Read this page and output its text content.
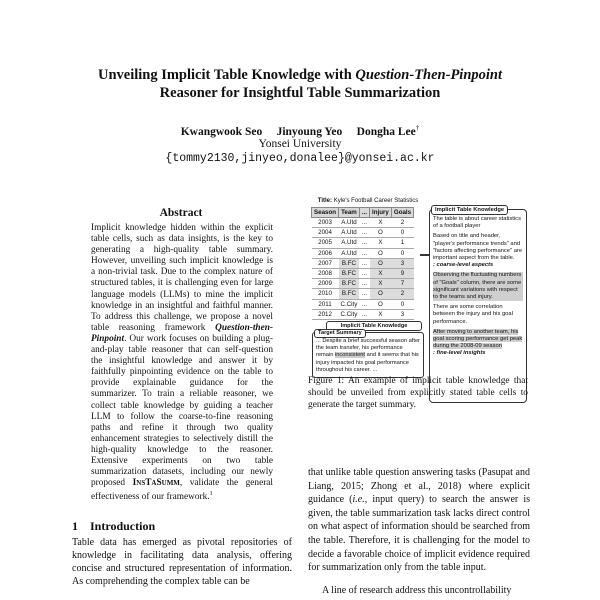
Unveiling Implicit Table Knowledge with Question-Then-Pinpoint
Reasoner for Insightful Table Summarization
Kwangwook Seo     Jinyoung Yeo     Dongha Lee†
Yonsei University
{tommy2130,jinyeo,donalee}@yonsei.ac.kr
Abstract
Implicit knowledge hidden within the explicit table cells, such as data insights, is the key to generating a high-quality table summary. However, unveiling such implicit knowledge is a non-trivial task. Due to the complex nature of structured tables, it is challenging even for large language models (LLMs) to mine the implicit knowledge in an insightful and faithful manner. To address this challenge, we propose a novel table reasoning framework Question-then-Pinpoint. Our work focuses on building a plug-and-play table reasoner that can self-question the insightful knowledge and answer it by faithfully pinpointing evidence on the table to provide explainable guidance for the summarizer. To train a reliable reasoner, we collect table knowledge by guiding a teacher LLM to follow the coarse-to-fine reasoning paths and refine it through two quality enhancement strategies to selectively distill the high-quality knowledge to the reasoner. Extensive experiments on two table summarization datasets, including our newly proposed InsTaSumm, validate the general effectiveness of our framework.$^1$
1 Introduction
Table data has emerged as pivotal repositories of knowledge in facilitating data analysis, offering concise and structured representation of information. As comprehending the complex table can be
Title: Kyle's Football Career Statistics
Season	Team	...	Injury	Goals
2003	A.Utd	...	X	2
2004	A.Utd	...	O	0
2005	A.Utd	...	X	1
2006	A.Utd	...	O	0
2007	B.FC	...	O	3
2008	B.FC	...	X	9
2009	B.FC	...	X	7
2010	B.FC	...	O	2
2011	C.City	...	O	0
2012	C.City	...	X	3
Implicit Table Knowledge
Target Summary
... Despite a brief successful season after the team transfer, his performance remain inconsistent and it seems that his injury impacted his goal performance throughout his career. ...
Implicit Table Knowledge

The table is about career statistics of a football player

Based on title and header, "player's performance trends" and "factors affecting performance" are important aspect from the table.
: coarse-level aspects

Observing the fluctuating numbers of "Goals" column, there are some significant variations with respect to the teams and injury.

There are some correlation between the injury and his goal performance.

After moving to another team, his goal scoring performance get peak during the 2008-09 season
: fine-level insights

Figure 1: An example of implicit table knowledge that should be unveiled from explicitly stated table cells to generate the target summary.
that unlike table question answering tasks (Pasupat and Liang, 2015; Zhong et al., 2018) where explicit guidance (i.e., input query) to search the answer is given, the table summarization task lacks direct control on what aspect of information should be searched from the table. Therefore, it is challenging for the model to decide a favorable choice of implicit evidence required for summarization only from the table input.
A line of research address this uncontrollability
